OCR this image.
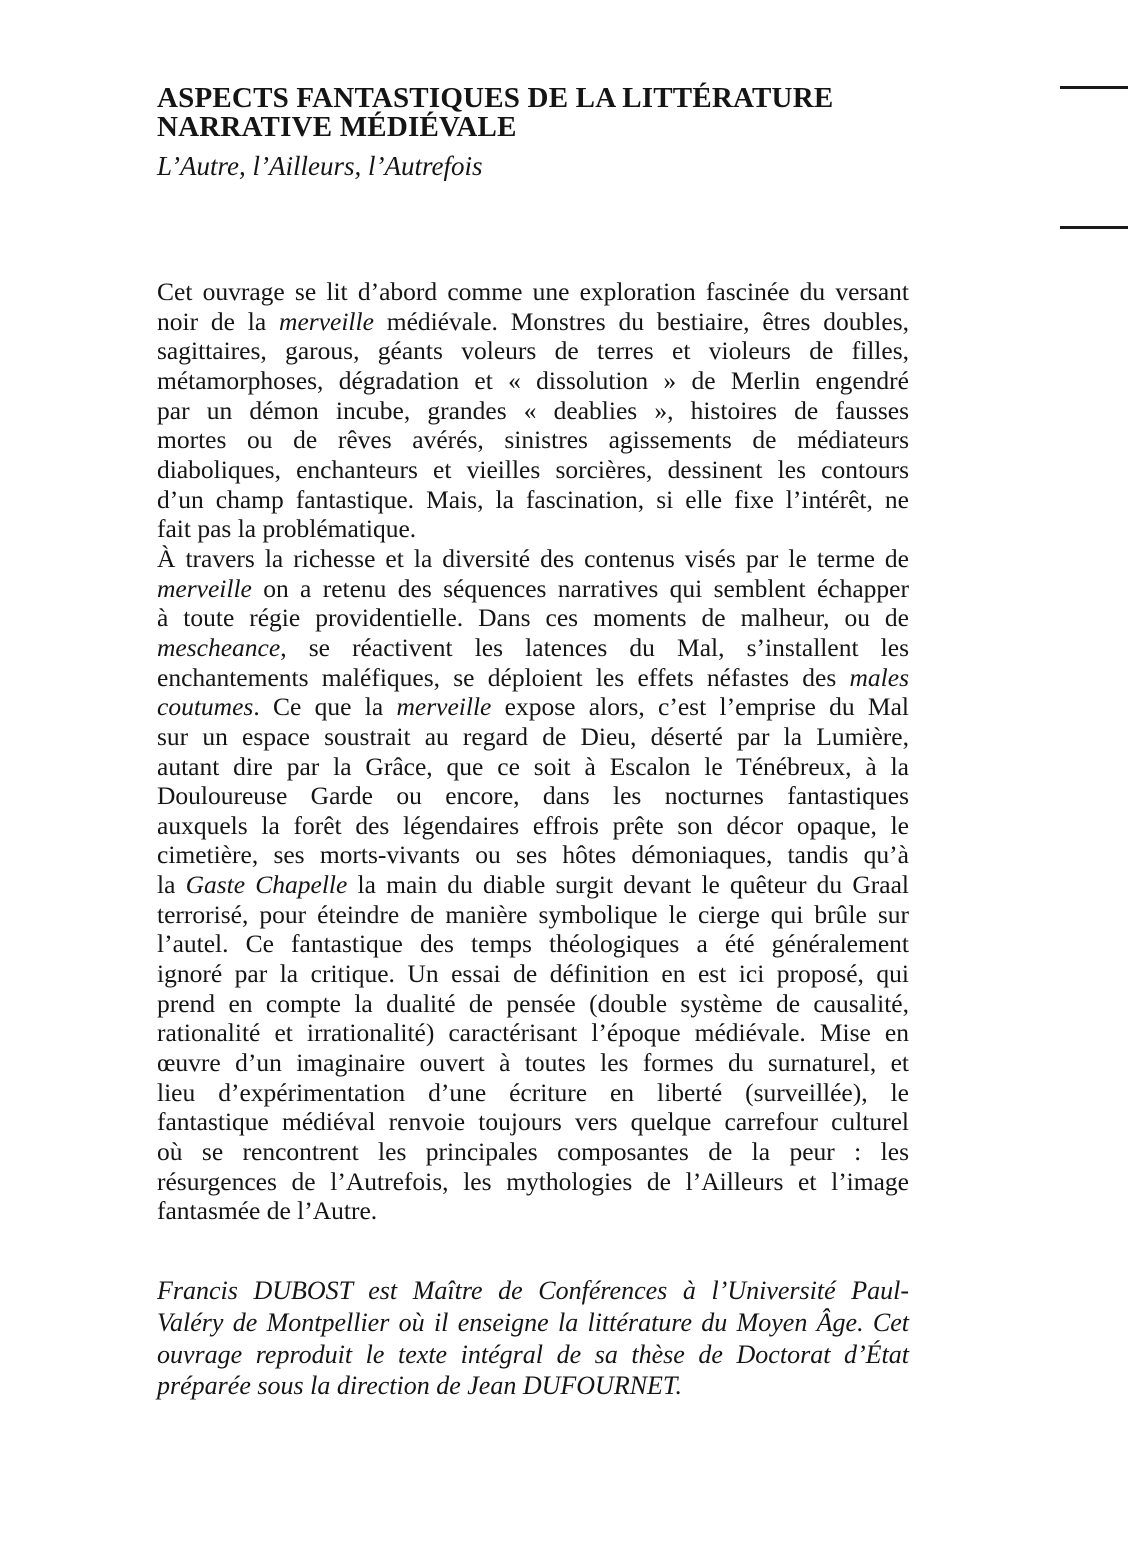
ASPECTS FANTASTIQUES DE LA LITTÉRATURE
NARRATIVE MÉDIÉVALE
L’Autre, l’Ailleurs, l’Autrefois
Cet ouvrage se lit d’abord comme une exploration fascinée du versant
noir de la merveille médiévale. Monstres du bestiaire, êtres doubles,
sagittaires, garous, géants voleurs de terres et violeurs de filles,
métamorphoses, dégradation et « dissolution » de Merlin engendré
par un démon incube, grandes « deablies », histoires de fausses
mortes ou de rêves avérés, sinistres agissements de médiateurs
diaboliques, enchanteurs et vieilles sorcières, dessinent les contours
d’un champ fantastique. Mais, la fascination, si elle fixe l’intérêt, ne
fait pas la problématique.
À travers la richesse et la diversité des contenus visés par le terme de
merveille on a retenu des séquences narratives qui semblent échapper
à toute régie providentielle. Dans ces moments de malheur, ou de
mescheance, se réactivent les latences du Mal, s’installent les
enchantements maléfiques, se déploient les effets néfastes des males
coutumes. Ce que la merveille expose alors, c’est l’emprise du Mal
sur un espace soustrait au regard de Dieu, déserté par la Lumière,
autant dire par la Grâce, que ce soit à Escalon le Ténébreux, à la
Douloureuse Garde ou encore, dans les nocturnes fantastiques
auxquels la forêt des légendaires effrois prête son décor opaque, le
cimetière, ses morts-vivants ou ses hôtes démoniaques, tandis qu’à
la Gaste Chapelle la main du diable surgit devant le quêteur du Graal
terrorisé, pour éteindre de manière symbolique le cierge qui brûle sur
l’autel. Ce fantastique des temps théologiques a été généralement
ignoré par la critique. Un essai de définition en est ici proposé, qui
prend en compte la dualité de pensée (double système de causalité,
rationalité et irrationalité) caractérisant l’époque médiévale. Mise en
œuvre d’un imaginaire ouvert à toutes les formes du surnaturel, et
lieu d’expérimentation d’une écriture en liberté (surveillée), le
fantastique médiéval renvoie toujours vers quelque carrefour culturel
où se rencontrent les principales composantes de la peur : les
résurgences de l’Autrefois, les mythologies de l’Ailleurs et l’image
fantasmée de l’Autre.
Francis DUBOST est Maître de Conférences à l’Université Paul-
Valéry de Montpellier où il enseigne la littérature du Moyen Âge. Cet
ouvrage reproduit le texte intégral de sa thèse de Doctorat d’État
préparée sous la direction de Jean DUFOURNET.
